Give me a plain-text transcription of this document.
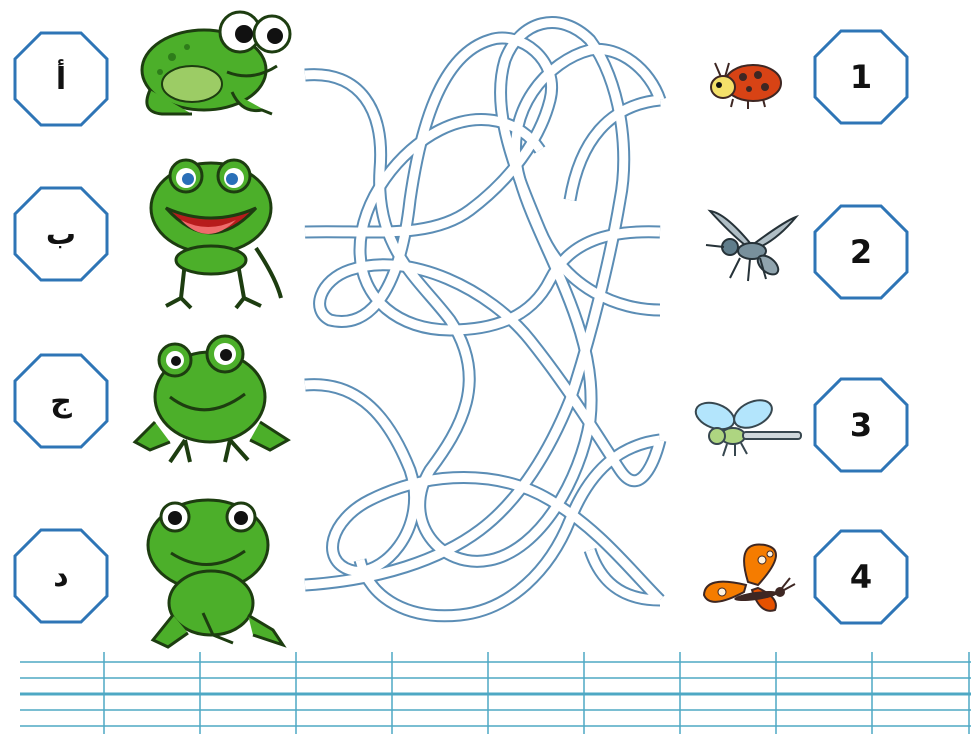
أ
ب
ج
د
1
2
3
4
